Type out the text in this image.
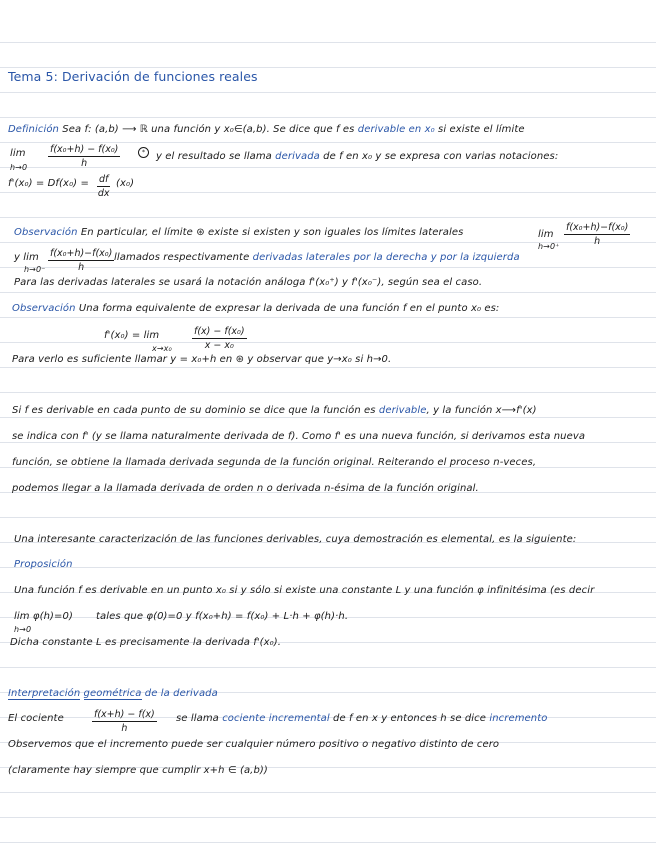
Tema 5: Derivación de funciones reales
Definición Sea f: (a,b) ⟶ ℝ una función y x₀∈(a,b). Se dice que f es derivable en x₀ si existe el límite
lim
$h\to 0 \frac{\text{f(x₀+h) − f(x₀)}}{h}$	*	y el resultado se llama derivada de f en x₀ y se expresa con varias notaciones:
$f'(x_0) = Df(x_0) = \frac{df}{dx} (x_0)$
Observación En particular, el límite ⊛ existe si existen y son iguales los límites laterales	lim
$h\to 0^+ \frac{\text{f(x₀+h)−f(x₀)}}{h}$
y lim
$h\to 0^- \frac{\text{f(x₀+h)−f(x₀)}}{h}$ llamados respectivamente derivadas laterales por la derecha y por la izquierda
Para las derivadas laterales se usará la notación análoga f'(x₀⁺) y f'(x₀⁻), según sea el caso.
Observación Una forma equivalente de expresar la derivada de una función f en el punto x₀ es:
f'(x₀) = lim
$x\to x_0 \frac{\text{f(x) − f(x₀)}}{\text{x − x₀}}$
Para verlo es suficiente llamar y = x₀+h en ⊛ y observar que y→x₀ si h→0.
Si f es derivable en cada punto de su dominio se dice que la función es derivable, y la función x⟶f'(x)
se indica con f' (y se llama naturalmente derivada de f). Como f' es una nueva función, si derivamos esta nueva
función, se obtiene la llamada derivada segunda de la función original. Reiterando el proceso n-veces,
podemos llegar a la llamada derivada de orden n o derivada n-ésima de la función original.
Una interesante caracterización de las funciones derivables, cuya demostración es elemental, es la siguiente:
Proposición
Una función f es derivable en un punto x₀ si y sólo si existe una constante L y una función φ infinitésima (es decir
lim φ(h)=0)
h→0
tales que φ(0)=0 y f(x₀+h) = f(x₀) + L·h + φ(h)·h.
Dicha constante L es precisamente la derivada f'(x₀).
Interpretación geométrica de la derivada
El cociente	$\frac{f(x+h) - f(x)}{h}$ se llama cociente incremental de f en x y entonces h se dice incremento
Observemos que el incremento puede ser cualquier número positivo o negativo distinto de cero
(claramente hay siempre que cumplir x+h ∈ (a,b))
